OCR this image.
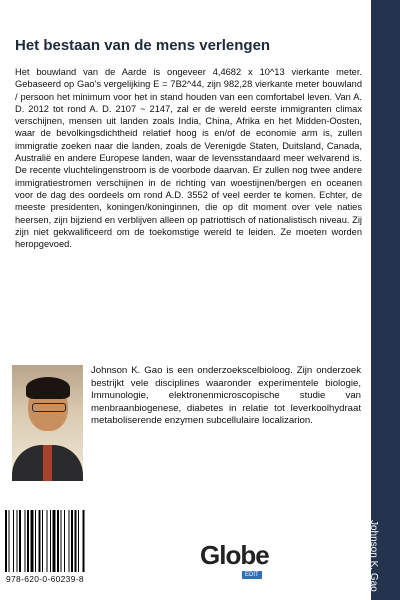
Johnson K. Gao
Het bestaan van de mens verlengen
Het bouwland van de Aarde is ongeveer 4,4682 x 10^13 vierkante meter. Gebaseerd op Gao's vergelijking E = 7B2^44, zijn 982,28 vierkante meter bouwland / persoon het minimum voor het in stand houden van een comfortabel leven. Van A. D. 2012 tot rond A. D. 2107 ~ 2147, zal er de wereld eerste immigranten climax verschijnen, mensen uit landen zoals India, China, Afrika en het Midden-Oosten, waar de bevolkingsdichtheid relatief hoog is en/of de economie arm is, zullen immigratie zoeken naar die landen, zoals de Verenigde Staten, Duitsland, Canada, Australië en andere Europese landen, waar de levensstandaard meer welvarend is. De recente vluchtelingenstroom is de voorbode daarvan. Er zullen nog twee andere immigratiestromen verschijnen in de richting van woestijnen/bergen en oceanen voor de dag des oordeels om rond A.D. 3552 of veel eerder te komen. Echter, de meeste presidenten, koningen/koninginnen, die op dit moment over vele naties heersen, zijn bijziend en verblijven alleen op patriottisch of nationalistisch niveau. Zij zijn niet gekwalificeerd om de toekomstige wereld te leiden. Ze moeten worden heropgevoed.
Johnson K. Gao is een onderzoekscelbioloog. Zijn onderzoek bestrijkt vele disciplines waaronder experimentele biologie, Immunologie, elektronenmicroscopische studie van menbraanbiogenese, diabetes in relatie tot leverkoolhydraat metaboliserende enzymen subcellulaire localizarion.
978-620-0-60239-8
Globe
EDIT
